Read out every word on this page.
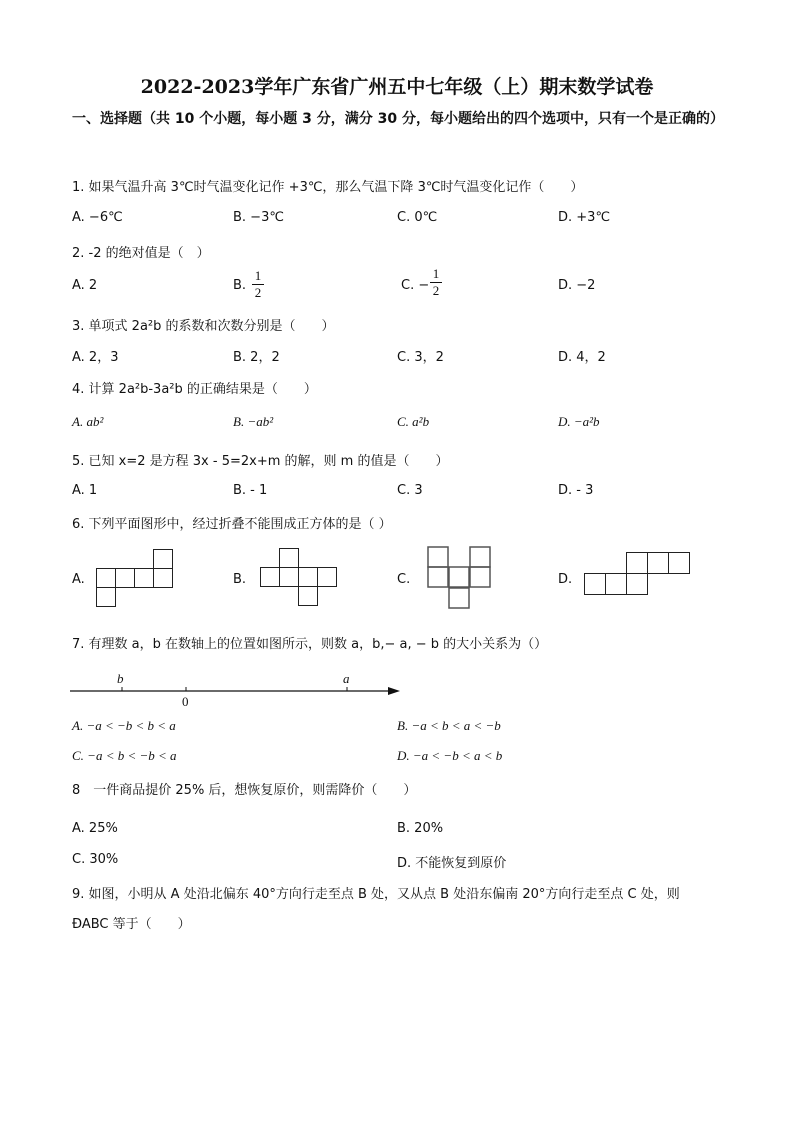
2022-2023学年广东省广州五中七年级（上）期末数学试卷
一、选择题（共 10 个小题，每小题 3 分，满分 30 分，每小题给出的四个选项中，只有一个是正确的）
1. 如果气温升高 3℃时气温变化记作 +3℃，那么气温下降 3℃时气温变化记作（　　）
A. −6℃	B. −3℃	C. 0℃	D. +3℃
2. -2 的绝对值是（　）
A. 2	B.
1
2	C. −
1
2	D. −2
3. 单项式 2a²b 的系数和次数分别是（　　）
A. 2，3	B. 2，2	C. 3，2	D. 4，2
4. 计算 2a²b-3a²b 的正确结果是（　　）
A. ab²	B. −ab²	C. a²b	D. −a²b
5. 已知 x=2 是方程 3x - 5=2x+m 的解，则 m 的值是（　　）
A. 1	B. - 1	C. 3	D. - 3
6. 下列平面图形中，经过折叠不能围成正方体的是（ ）
A.	B.	C.	D.
7. 有理数 a，b 在数轴上的位置如图所示，则数 a，b,− a, − b 的大小关系为（）
b
0
a
A. −a < −b < b < a	B. −a < b < a < −b
C. −a < b < −b < a	D. −a < −b < a < b
8　一件商品提价 25% 后，想恢复原价，则需降价（　　）
A. 25%	B. 20%
C. 30%	D. 不能恢复到原价
9. 如图，小明从 A 处沿北偏东 40°方向行走至点 B 处，又从点 B 处沿东偏南 20°方向行走至点 C 处，则
ÐABC 等于（　　）
